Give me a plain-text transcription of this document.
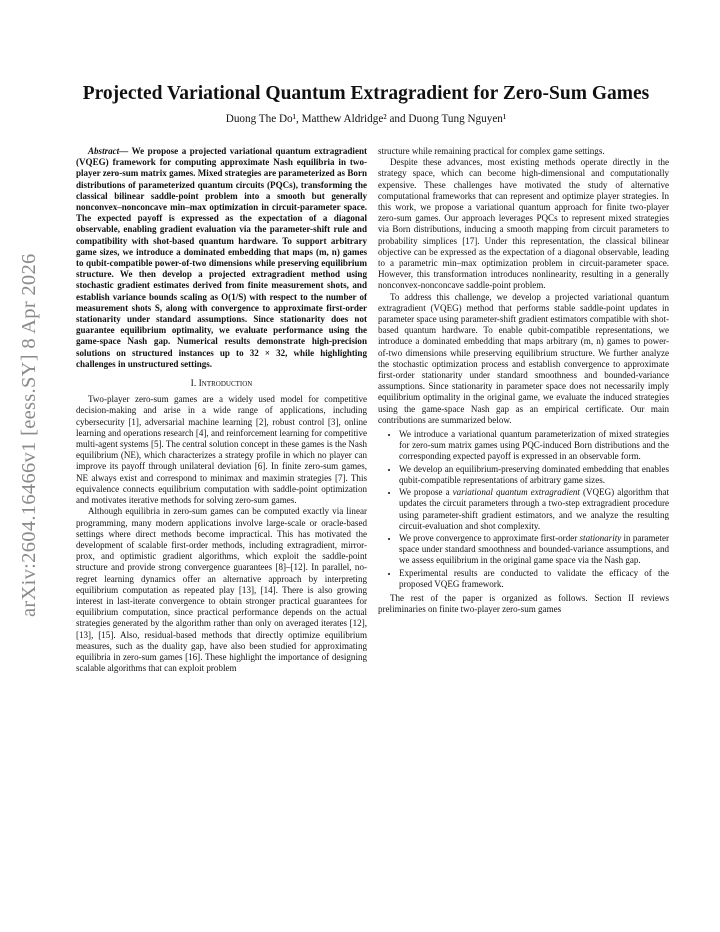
arXiv:2604.16466v1 [eess.SY] 8 Apr 2026
Projected Variational Quantum Extragradient for Zero-Sum Games
Duong The Do¹, Matthew Aldridge² and Duong Tung Nguyen¹

Abstract— We propose a projected variational quantum extragradient (VQEG) framework for computing approximate Nash equilibria in two-player zero-sum matrix games. Mixed strategies are parameterized as Born distributions of parameterized quantum circuits (PQCs), transforming the classical bilinear saddle-point problem into a smooth but generally nonconvex–nonconcave min–max optimization in circuit-parameter space. The expected payoff is expressed as the expectation of a diagonal observable, enabling gradient evaluation via the parameter-shift rule and compatibility with shot-based quantum hardware. To support arbitrary game sizes, we introduce a dominated embedding that maps (m, n) games to qubit-compatible power-of-two dimensions while preserving equilibrium structure. We then develop a projected extragradient method using stochastic gradient estimates derived from finite measurement shots, and establish variance bounds scaling as O(1/S) with respect to the number of measurement shots S, along with convergence to approximate first-order stationarity under standard assumptions. Since stationarity does not guarantee equilibrium optimality, we evaluate performance using the game-space Nash gap. Numerical results demonstrate high-precision solutions on structured instances up to 32 × 32, while highlighting challenges in unstructured settings.

I. Introduction

Two-player zero-sum games are a widely used model for competitive decision-making and arise in a wide range of applications, including cybersecurity [1], adversarial machine learning [2], robust control [3], online learning and operations research [4], and reinforcement learning for competitive multi-agent systems [5]. The central solution concept in these games is the Nash equilibrium (NE), which characterizes a strategy profile in which no player can improve its payoff through unilateral deviation [6]. In finite zero-sum games, NE always exist and correspond to minimax and maximin strategies [7]. This equivalence connects equilibrium computation with saddle-point optimization and motivates iterative methods for solving zero-sum games.

Although equilibria in zero-sum games can be computed exactly via linear programming, many modern applications involve large-scale or oracle-based settings where direct methods become impractical. This has motivated the development of scalable first-order methods, including extragradient, mirror-prox, and optimistic gradient algorithms, which exploit the saddle-point structure and provide strong convergence guarantees [8]–[12]. In parallel, no-regret learning dynamics offer an alternative approach by interpreting equilibrium computation as repeated play [13], [14]. There is also growing interest in last-iterate convergence to obtain stronger practical guarantees for equilibrium computation, since practical performance depends on the actual strategies generated by the algorithm rather than only on averaged iterates [12], [13], [15]. Also, residual-based methods that directly optimize equilibrium measures, such as the duality gap, have also been studied for approximating equilibria in zero-sum games [16]. These highlight the importance of designing scalable algorithms that can exploit problem

structure while remaining practical for complex game settings.

Despite these advances, most existing methods operate directly in the strategy space, which can become high-dimensional and computationally expensive. These challenges have motivated the study of alternative computational frameworks that can represent and optimize player strategies. In this work, we propose a variational quantum approach for finite two-player zero-sum games. Our approach leverages PQCs to represent mixed strategies via Born distributions, inducing a smooth mapping from circuit parameters to probability simplices [17]. Under this representation, the classical bilinear objective can be expressed as the expectation of a diagonal observable, leading to a parametric min–max optimization problem in circuit-parameter space. However, this transformation introduces nonlinearity, resulting in a generally nonconvex-nonconcave saddle-point problem.

To address this challenge, we develop a projected variational quantum extragradient (VQEG) method that performs stable saddle-point updates in parameter space using parameter-shift gradient estimators compatible with shot-based quantum hardware. To enable qubit-compatible representations, we introduce a dominated embedding that maps arbitrary (m, n) games to power-of-two dimensions while preserving equilibrium structure. We further analyze the stochastic optimization process and establish convergence to approximate first-order stationarity under standard smoothness and bounded-variance assumptions. Since stationarity in parameter space does not necessarily imply equilibrium optimality in the original game, we evaluate the induced strategies using the game-space Nash gap as an empirical certificate. Our main contributions are summarized below.

• We introduce a variational quantum parameterization of mixed strategies for zero-sum matrix games using PQC-induced Born distributions and the corresponding expected payoff is expressed in an observable form.
• We develop an equilibrium-preserving dominated embedding that enables qubit-compatible representations of arbitrary game sizes.
• We propose a variational quantum extragradient (VQEG) algorithm that updates the circuit parameters through a two-step extragradient procedure using parameter-shift gradient estimators, and we analyze the resulting circuit-evaluation and shot complexity.
• We prove convergence to approximate first-order stationarity in parameter space under standard smoothness and bounded-variance assumptions, and we assess equilibrium in the original game space via the Nash gap.
• Experimental results are conducted to validate the efficacy of the proposed VQEG framework.

The rest of the paper is organized as follows. Section II reviews preliminaries on finite two-player zero-sum games
